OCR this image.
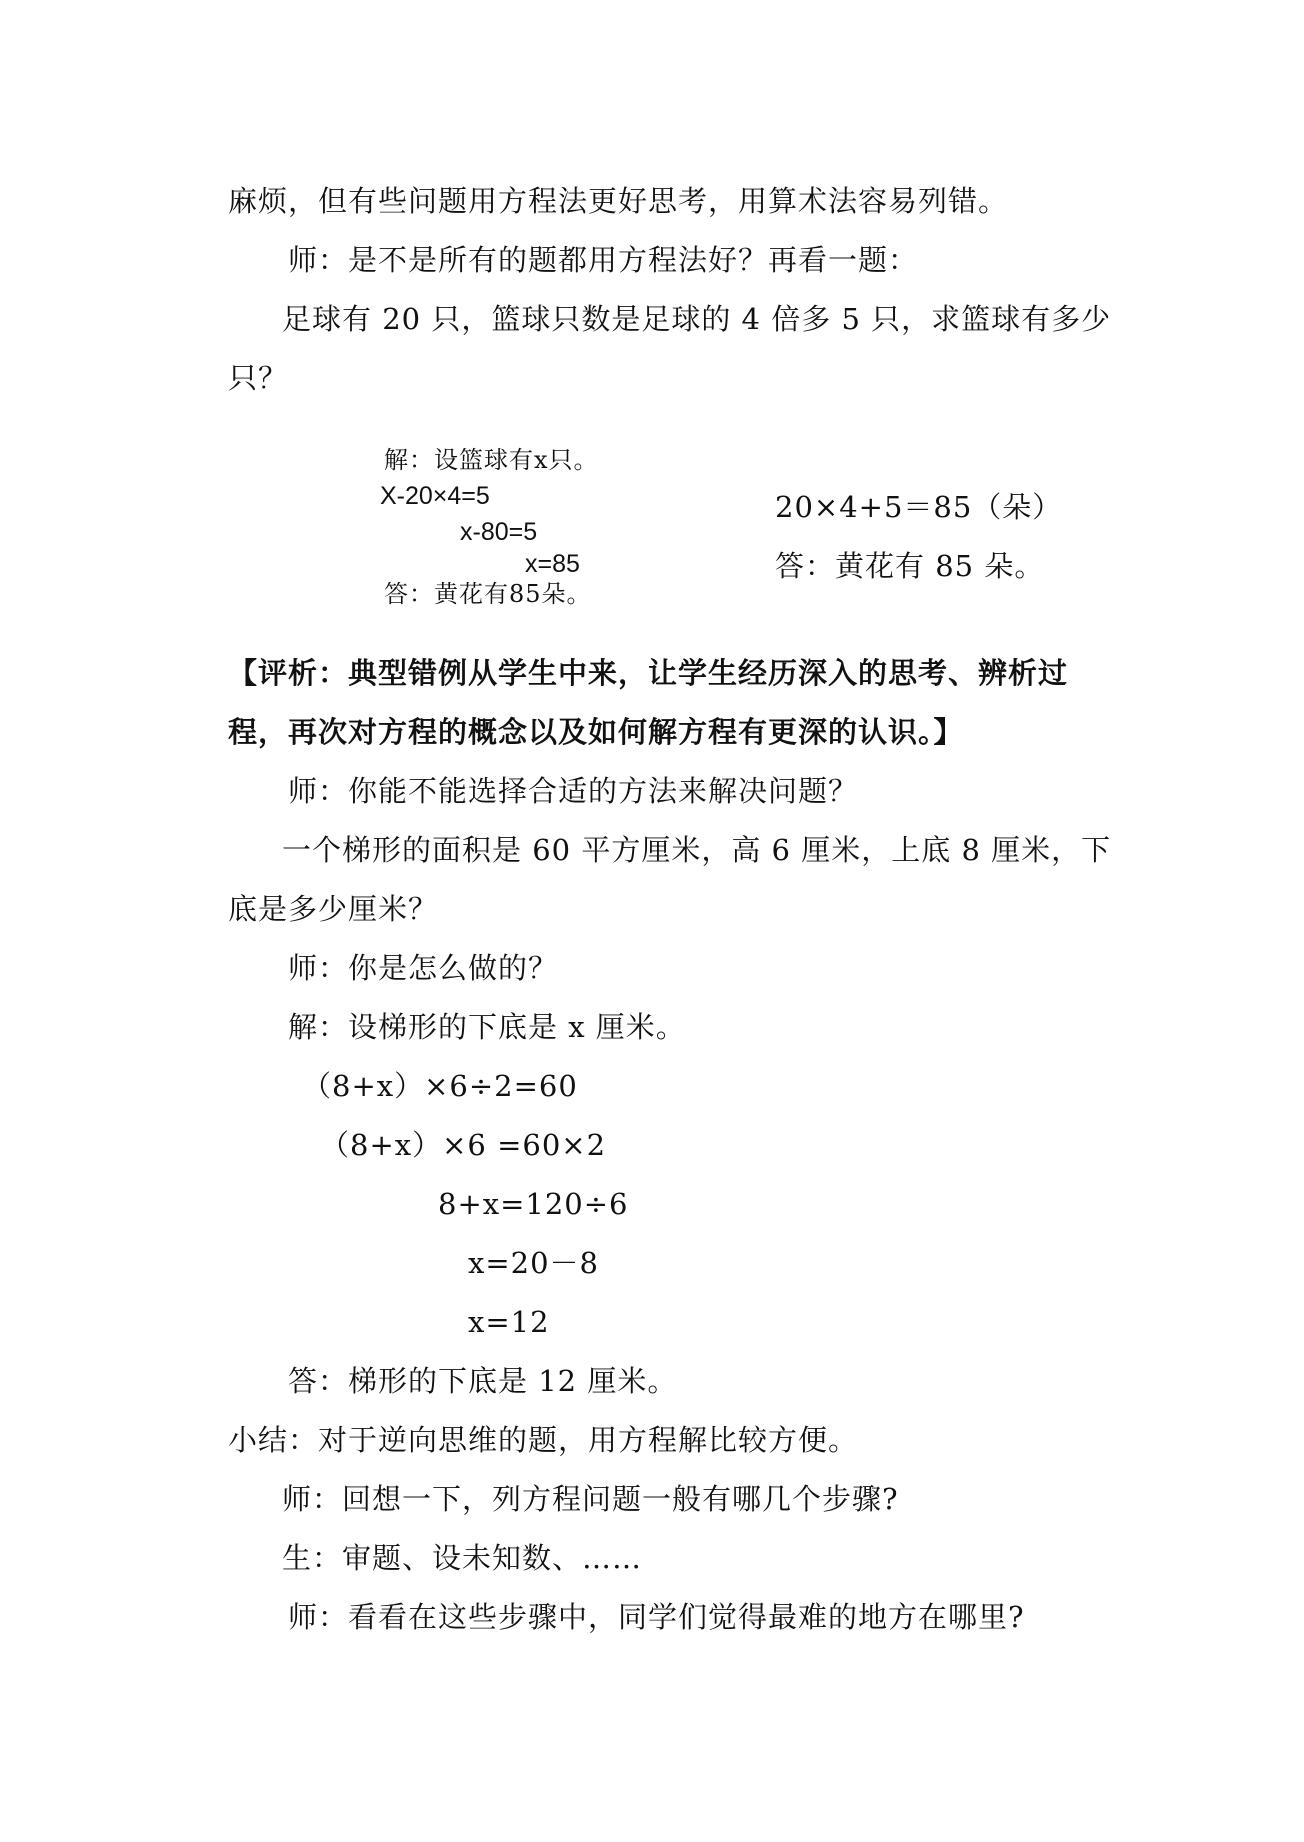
麻烦，但有些问题用方程法更好思考，用算术法容易列错。
师：是不是所有的题都用方程法好？再看一题：
足球有 20 只，篮球只数是足球的 4 倍多 5 只，求篮球有多少
只？
解：设篮球有x只。
X-20×4=5
x-80=5
x=85
答：黄花有85朵。
20×4+5＝85（朵）
答：黄花有 85 朵。
【评析：典型错例从学生中来，让学生经历深入的思考、辨析过
程，再次对方程的概念以及如何解方程有更深的认识。】
师：你能不能选择合适的方法来解决问题？
一个梯形的面积是 60 平方厘米，高 6 厘米，上底 8 厘米，下
底是多少厘米？
师：你是怎么做的？
解：设梯形的下底是 x 厘米。
（8+x）×6÷2=60
（8+x）×6 =60×2
8+x=120÷6
x=20－8
x=12
答：梯形的下底是 12 厘米。
小结：对于逆向思维的题，用方程解比较方便。
师：回想一下，列方程问题一般有哪几个步骤?
生：审题、设未知数、……
师：看看在这些步骤中，同学们觉得最难的地方在哪里?
